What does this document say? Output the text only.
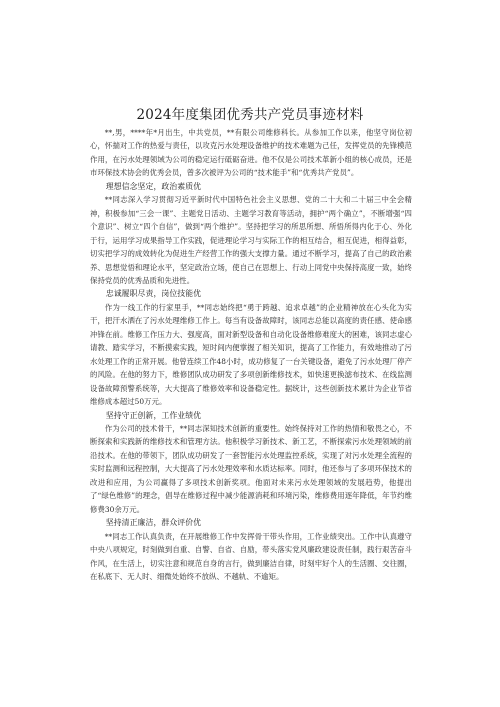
2024年度集团优秀共产党员事迹材料

**,男，****年*月出生，中共党员，**有限公司维修科长。从参加工作以来，他坚守岗位初心，怀揣对工作的热爱与责任，以攻克污水处理设备维护的技术难题为己任，发挥党员的先锋模范作用，在污水处理领域为公司的稳定运行砥砺奋进。他不仅是公司技术革新小组的核心成员，还是市环保技术协会的优秀会员，曾多次被评为公司的“技术能手”和“优秀共产党员”。

理想信念坚定，政治素质优

**同志深入学习贯彻习近平新时代中国特色社会主义思想、党的二十大和二十届三中全会精神，积极参加“三会一课”、主题党日活动、主题学习教育等活动，拥护“两个确立”，不断增强“四个意识”、树立“四个自信”，做到“两个维护”。坚持把学习的所思所想、所悟所得内化于心、外化于行，运用学习成果指导工作实践，促进理论学习与实际工作的相互结合，相互促进，相得益彰，切实把学习的成效转化为促进生产经营工作的强大支撑力量。通过不断学习，提高了自己的政治素养、思想觉悟和理论水平，坚定政治立场，使自己在思想上、行动上同党中央保持高度一致，始终保持党员的优秀品质和先进性。

忠诚履职尽责，岗位技能优

作为一线工作的行家里手，**同志始终把“勇于跨越、追求卓越”的企业精神放在心头化为实干，把汗水洒在了污水处理维修工作上。每当有设备故障时，该同志总能以高度的责任感、使命感冲锋在前。维修工作压力大、强度高，面对新型设备和自动化设备维修难度大的困难，该同志虚心请教、踏实学习，不断摸索实践，短时间内便掌握了相关知识，提高了工作能力，有效地推动了污水处理工作的正常开展。他曾连续工作48小时，成功修复了一台关键设备，避免了污水处理厂停产的风险。在他的努力下，维修团队成功研发了多项创新维修技术，如快速更换滤布技术、在线监测设备故障预警系统等，大大提高了维修效率和设备稳定性。据统计，这些创新技术累计为企业节省维修成本超过50万元。

坚持守正创新，工作业绩优

作为公司的技术骨干，**同志深知技术创新的重要性。始终保持对工作的热情和敬畏之心，不断探索和实践新的维修技术和管理方法。他积极学习新技术、新工艺，不断探索污水处理领域的前沿技术。在他的带领下，团队成功研发了一套智能污水处理监控系统，实现了对污水处理全流程的实时监测和远程控制，大大提高了污水处理效率和水质达标率。同时，他还参与了多项环保技术的改进和应用，为公司赢得了多项技术创新奖项。他面对未来污水处理领域的发展趋势，他提出了“绿色维修”的理念，倡导在维修过程中减少能源消耗和环境污染，维修费用逐年降低，年节约维修费30余万元。

坚持清正廉洁，群众评价优

**同志工作认真负责，在开展维修工作中发挥骨干带头作用，工作业绩突出。工作中认真遵守中央八项规定，时刻做到自重、自警、自省、自励，带头落实党风廉政建设责任制，践行艰苦奋斗作风，在生活上，切实注意和规范自身的言行，做到廉洁自律，时刻牢好个人的生活圈、交往圈，在私底下、无人时、细微处始终不放纵、不越轨、不逾矩。
